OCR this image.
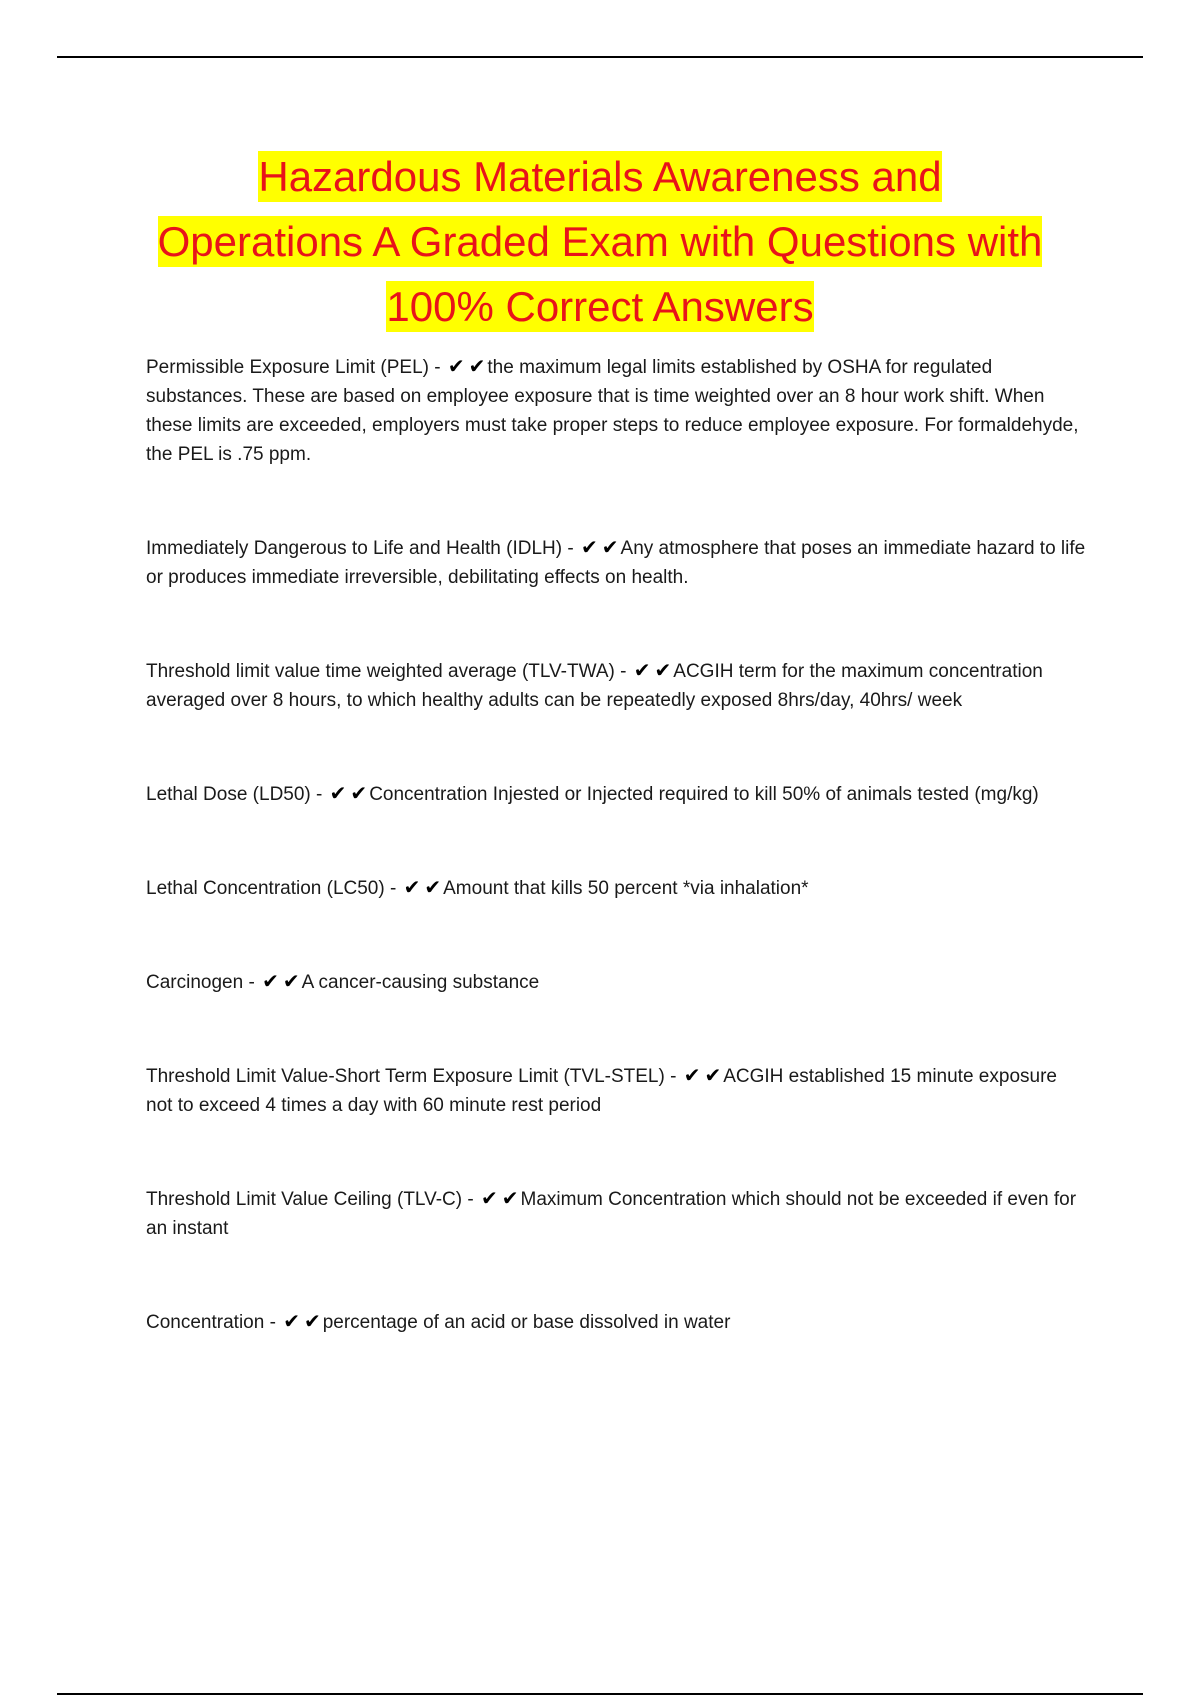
Hazardous Materials Awareness and
Operations A Graded Exam with Questions with
100% Correct Answers

Permissible Exposure Limit (PEL) - ✔ ✔ the maximum legal limits established by OSHA for regulated substances. These are based on employee exposure that is time weighted over an 8 hour work shift. When these limits are exceeded, employers must take proper steps to reduce employee exposure. For formaldehyde, the PEL is .75 ppm.

Immediately Dangerous to Life and Health (IDLH) - ✔ ✔ Any atmosphere that poses an immediate hazard to life or produces immediate irreversible, debilitating effects on health.

Threshold limit value time weighted average (TLV-TWA) - ✔ ✔ ACGIH term for the maximum concentration averaged over 8 hours, to which healthy adults can be repeatedly exposed 8hrs/day, 40hrs/ week

Lethal Dose (LD50) - ✔ ✔ Concentration Injested or Injected required to kill 50% of animals tested (mg/kg)

Lethal Concentration (LC50) - ✔ ✔ Amount that kills 50 percent *via inhalation*

Carcinogen - ✔ ✔ A cancer-causing substance

Threshold Limit Value-Short Term Exposure Limit (TVL-STEL) - ✔ ✔ ACGIH established 15 minute exposure not to exceed 4 times a day with 60 minute rest period

Threshold Limit Value Ceiling (TLV-C) - ✔ ✔ Maximum Concentration which should not be exceeded if even for an instant

Concentration - ✔ ✔ percentage of an acid or base dissolved in water
